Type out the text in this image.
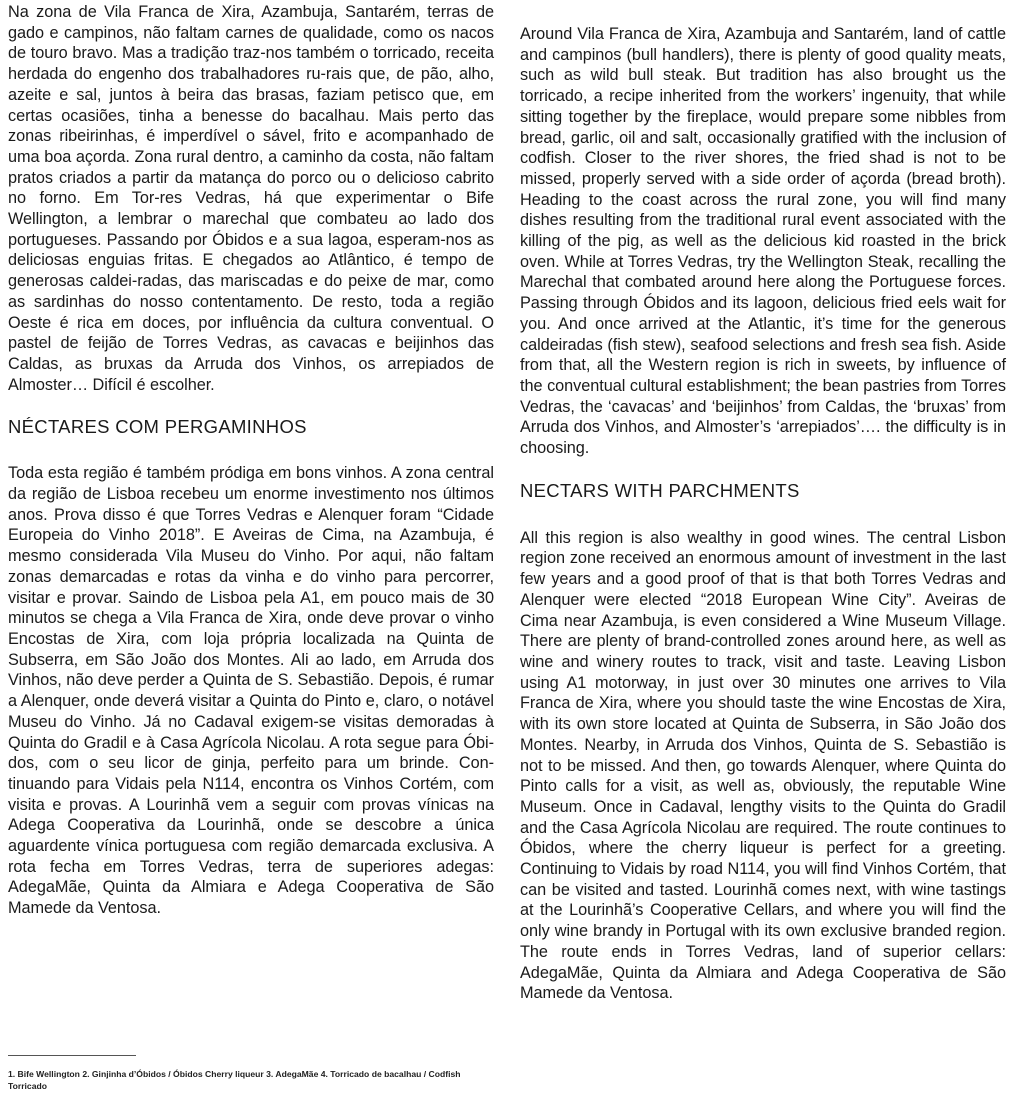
Na zona de Vila Franca de Xira, Azambuja, Santarém, terras de gado e campinos, não faltam carnes de qualidade, como os nacos de touro bravo. Mas a tradição traz-nos também o torricado, receita herdada do engenho dos trabalhadores ru-rais que, de pão, alho, azeite e sal, juntos à beira das brasas, faziam petisco que, em certas ocasiões, tinha a benesse do bacalhau. Mais perto das zonas ribeirinhas, é imperdível o sável, frito e acompanhado de uma boa açorda. Zona rural dentro, a caminho da costa, não faltam pratos criados a partir da matança do porco ou o delicioso cabrito no forno. Em Tor-res Vedras, há que experimentar o Bife Wellington, a lembrar o marechal que combateu ao lado dos portugueses. Passando por Óbidos e a sua lagoa, esperam-nos as deliciosas enguias fritas. E chegados ao Atlântico, é tempo de generosas caldei-radas, das mariscadas e do peixe de mar, como as sardinhas do nosso contentamento. De resto, toda a região Oeste é rica em doces, por influência da cultura conventual. O pastel de feijão de Torres Vedras, as cavacas e beijinhos das Caldas, as bruxas da Arruda dos Vinhos, os arrepiados de Almoster… Difícil é escolher.

NÉCTARES COM PERGAMINHOS

Toda esta região é também pródiga em bons vinhos. A zona central da região de Lisboa recebeu um enorme investimento nos últimos anos. Prova disso é que Torres Vedras e Alenquer foram “Cidade Europeia do Vinho 2018”. E Aveiras de Cima, na Azambuja, é mesmo considerada Vila Museu do Vinho. Por aqui, não faltam zonas demarcadas e rotas da vinha e do vinho para percorrer, visitar e provar. Saindo de Lisboa pela A1, em pouco mais de 30 minutos se chega a Vila Franca de Xira, onde deve provar o vinho Encostas de Xira, com loja própria localizada na Quinta de Subserra, em São João dos Montes. Ali ao lado, em Arruda dos Vinhos, não deve perder a Quinta de S. Sebastião. Depois, é rumar a Alenquer, onde deverá visitar a Quinta do Pinto e, claro, o notável Museu do Vinho. Já no Cadaval exigem-se visitas demoradas à Quinta do Gradil e à Casa Agrícola Nicolau. A rota segue para Óbi-dos, com o seu licor de ginja, perfeito para um brinde. Con-tinuando para Vidais pela N114, encontra os Vinhos Cortém, com visita e provas. A Lourinhã vem a seguir com provas vínicas na Adega Cooperativa da Lourinhã, onde se descobre a única aguardente vínica portuguesa com região demarcada exclusiva. A rota fecha em Torres Vedras, terra de superiores adegas: AdegaMãe, Quinta da Almiara e Adega Cooperativa de São Mamede da Ventosa.

Around Vila Franca de Xira, Azambuja and Santarém, land of cattle and campinos (bull handlers), there is plenty of good quality meats, such as wild bull steak. But tradition has also brought us the torricado, a recipe inherited from the workers’ ingenuity, that while sitting together by the fireplace, would prepare some nibbles from bread, garlic, oil and salt, occasionally gratified with the inclusion of codfish. Closer to the river shores, the fried shad is not to be missed, properly served with a side order of açorda (bread broth). Heading to the coast across the rural zone, you will find many dishes resulting from the traditional rural event associated with the killing of the pig, as well as the delicious kid roasted in the brick oven. While at Torres Vedras, try the Wellington Steak, recalling the Marechal that combated around here along the Portuguese forces. Passing through Óbidos and its lagoon, delicious fried eels wait for you. And once arrived at the Atlantic, it’s time for the generous caldeiradas (fish stew), seafood selections and fresh sea fish. Aside from that, all the Western region is rich in sweets, by influence of the conventual cultural establishment; the bean pastries from Torres Vedras, the ‘cavacas’ and ‘beijinhos’ from Caldas, the ‘bruxas’ from Arruda dos Vinhos, and Almoster’s ‘arrepiados’…. the difficulty is in choosing.

NECTARS WITH PARCHMENTS

All this region is also wealthy in good wines. The central Lisbon region zone received an enormous amount of investment in the last few years and a good proof of that is that both Torres Vedras and Alenquer were elected “2018 European Wine City”. Aveiras de Cima near Azambuja, is even considered a Wine Museum Village. There are plenty of brand-controlled zones around here, as well as wine and winery routes to track, visit and taste. Leaving Lisbon using A1 motorway, in just over 30 minutes one arrives to Vila Franca de Xira, where you should taste the wine Encostas de Xira, with its own store located at Quinta de Subserra, in São João dos Montes. Nearby, in Arruda dos Vinhos, Quinta de S. Sebastião is not to be missed. And then, go towards Alenquer, where Quinta do Pinto calls for a visit, as well as, obviously, the reputable Wine Museum. Once in Cadaval, lengthy visits to the Quinta do Gradil and the Casa Agrícola Nicolau are required. The route continues to Óbidos, where the cherry liqueur is perfect for a greeting. Continuing to Vidais by road N114, you will find Vinhos Cortém, that can be visited and tasted. Lourinhã comes next, with wine tastings at the Lourinhã’s Cooperative Cellars, and where you will find the only wine brandy in Portugal with its own exclusive branded region. The route ends in Torres Vedras, land of superior cellars: AdegaMãe, Quinta da Almiara and Adega Cooperativa de São Mamede da Ventosa.

1. Bife Wellington 2. Ginjinha d’Óbidos / Óbidos Cherry liqueur 3. AdegaMãe 4. Torricado de bacalhau / Codfish Torricado
